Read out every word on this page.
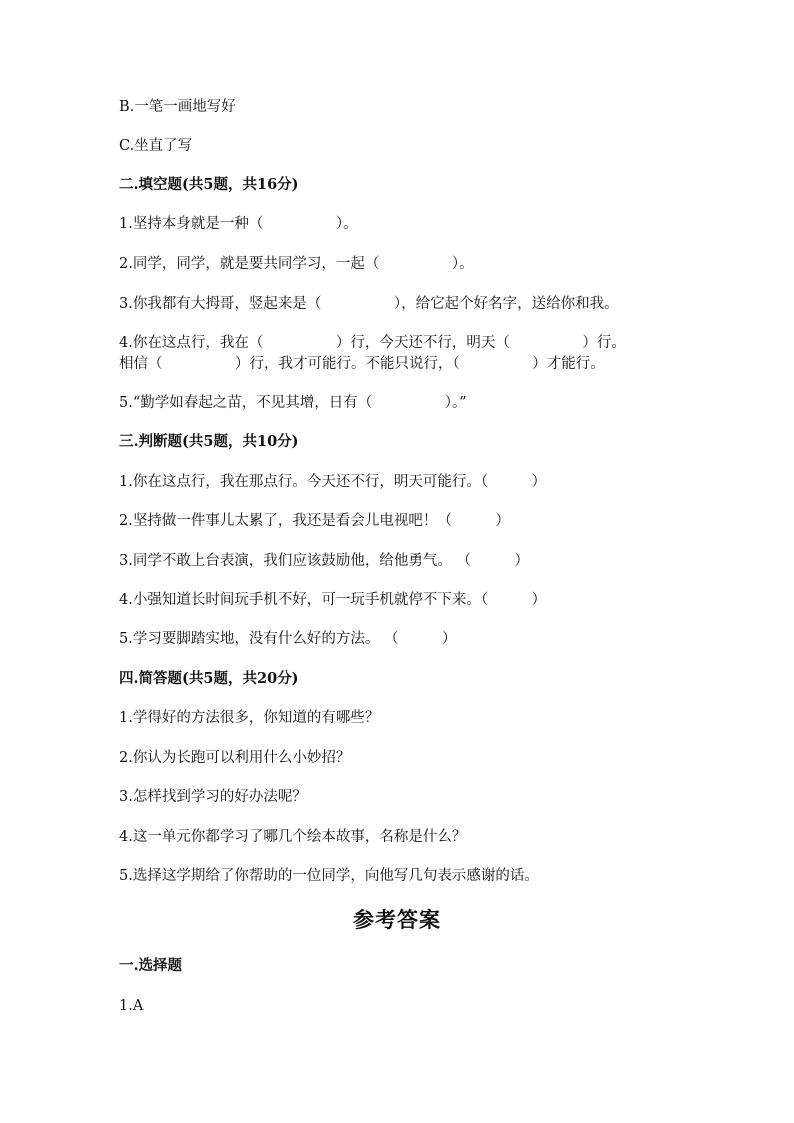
B.一笔一画地写好
C.坐直了写
二.填空题(共5题，共16分)
1.坚持本身就是一种（　　　　　）。
2.同学，同学，就是要共同学习，一起（　　　　　）。
3.你我都有大拇哥，竖起来是（　　　　　），给它起个好名字，送给你和我。
4.你在这点行，我在（　　　　　）行，今天还不行，明天（　　　　　）行。
相信（　　　　　）行，我才可能行。不能只说行，（　　　　　）才能行。
5.“勤学如春起之苗，不见其增，日有（　　　　　）。”
三.判断题(共5题，共10分)
1.你在这点行，我在那点行。今天还不行，明天可能行。（　　　）
2.坚持做一件事儿太累了，我还是看会儿电视吧！（　　　）
3.同学不敢上台表演，我们应该鼓励他，给他勇气。 （　　　）
4.小强知道长时间玩手机不好，可一玩手机就停不下来。（　　　）
5.学习要脚踏实地，没有什么好的方法。 （　　　）
四.简答题(共5题，共20分)
1.学得好的方法很多，你知道的有哪些？
2.你认为长跑可以利用什么小妙招？
3.怎样找到学习的好办法呢？
4.这一单元你都学习了哪几个绘本故事，名称是什么？
5.选择这学期给了你帮助的一位同学，向他写几句表示感谢的话。
参考答案
一.选择题
1.A
